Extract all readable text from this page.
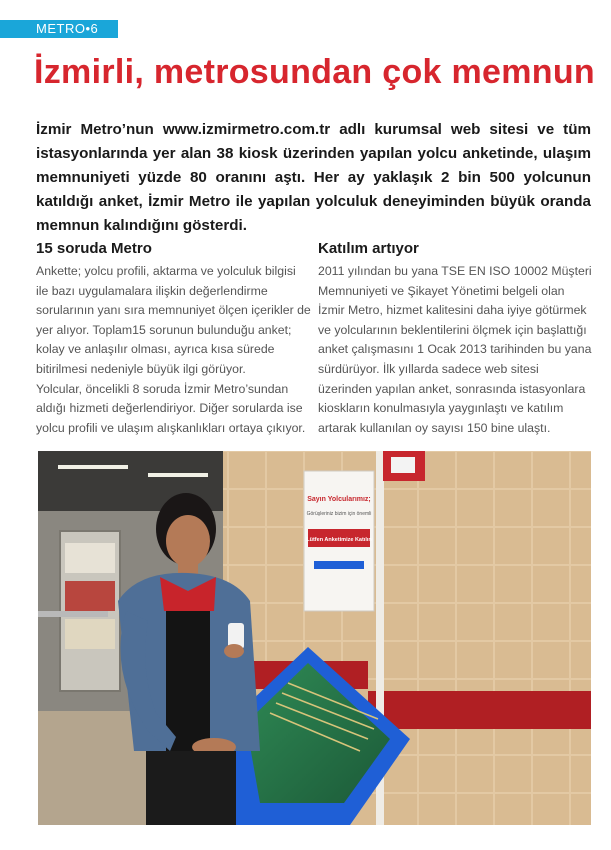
METRO•6
İzmirli, metrosundan çok memnun

İzmir Metro’nun www.izmirmetro.com.tr adlı kurumsal web sitesi ve tüm istasyonlarında yer alan 38 kiosk üzerinden yapılan yolcu anketinde, ulaşım memnuniyeti yüzde 80 oranını aştı. Her ay yaklaşık 2 bin 500 yolcunun katıldığı anket, İzmir Metro ile yapılan yolculuk deneyiminden büyük oranda memnun kalındığını gösterdi.

15 soruda Metro

Ankette; yolcu profili, aktarma ve yolculuk bilgisi ile bazı uygulamalara ilişkin değerlendirme sorularının yanı sıra memnuniyet ölçen içerikler de yer alıyor. Toplam15 sorunun bulunduğu anket; kolay ve anlaşılır olması, ayrıca kısa sürede bitirilmesi nedeniyle büyük ilgi görüyor.

Yolcular, öncelikli 8 soruda İzmir Metro’sundan aldığı hizmeti değerlendiriyor. Diğer sorularda ise yolcu profili ve ulaşım alışkanlıkları ortaya çıkıyor.

Katılım artıyor

2011 yılından bu yana TSE EN ISO 10002 Müşteri Memnuniyeti ve Şikayet Yönetimi belgeli olan İzmir Metro, hizmet kalitesini daha iyiye götürmek ve yolcularının beklentilerini ölçmek için başlattığı anket çalışmasını 1 Ocak 2013 tarihinden bu yana sürdürüyor. İlk yıllarda sadece web sitesi üzerinden yapılan anket, sonrasında istasyonlara kioskların konulmasıyla yaygınlaştı ve katılım artarak kullanılan oy sayısı 150 bine ulaştı.

Sayın Yolcularımız;
Görüşleriniz bizim için önemli
Lütfen Anketimize Katılın
